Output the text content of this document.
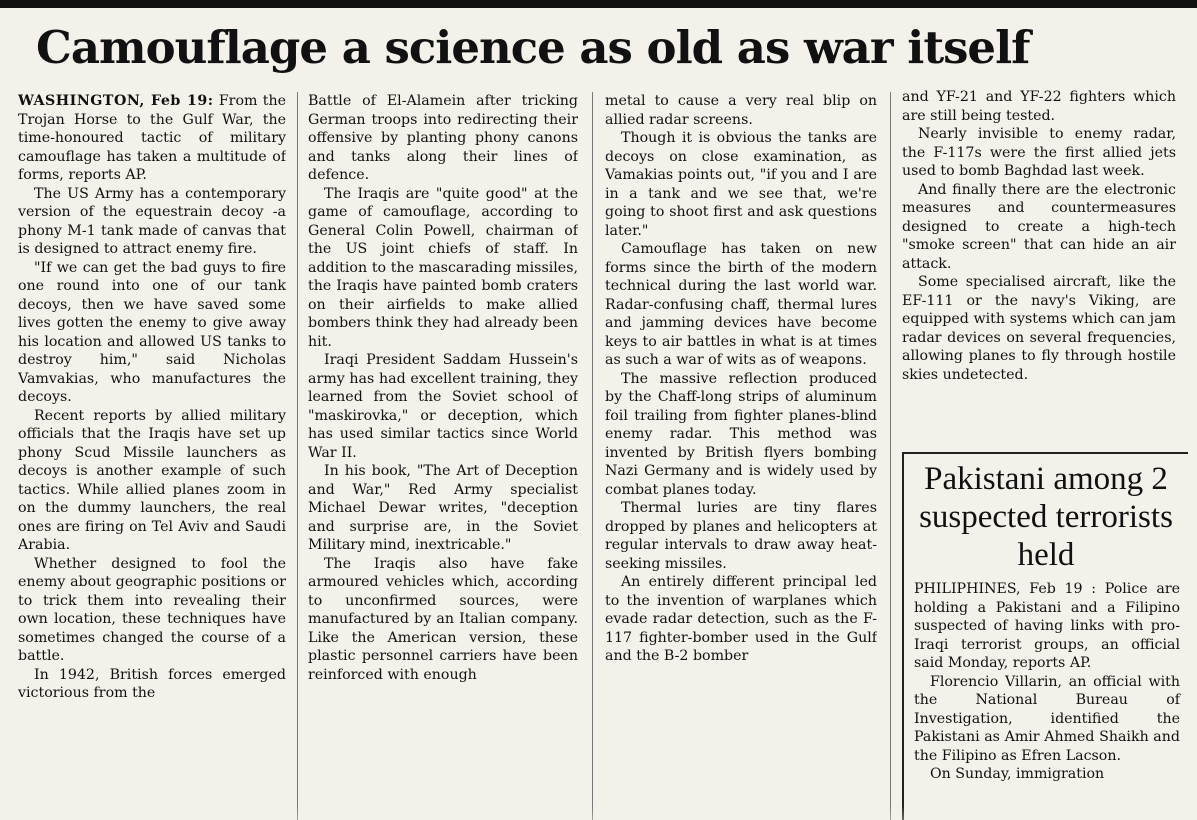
Camouflage a science as old as war itself

WASHINGTON, Feb 19: From the Trojan Horse to the Gulf War, the time-honoured tactic of military camouflage has taken a multitude of forms, reports AP.

The US Army has a contemporary version of the equestrain decoy -a phony M-1 tank made of canvas that is designed to attract enemy fire.

"If we can get the bad guys to fire one round into one of our tank decoys, then we have saved some lives gotten the enemy to give away his location and allowed US tanks to destroy him," said Nicholas Vamvakias, who manufactures the decoys.

Recent reports by allied military officials that the Iraqis have set up phony Scud Missile launchers as decoys is another example of such tactics. While allied planes zoom in on the dummy launchers, the real ones are firing on Tel Aviv and Saudi Arabia.

Whether designed to fool the enemy about geographic positions or to trick them into revealing their own location, these techniques have sometimes changed the course of a battle.

In 1942, British forces emerged victorious from the

Battle of El-Alamein after tricking German troops into redirecting their offensive by planting phony canons and tanks along their lines of defence.

The Iraqis are "quite good" at the game of camouflage, according to General Colin Powell, chairman of the US joint chiefs of staff. In addition to the mascarading missiles, the Iraqis have painted bomb craters on their airfields to make allied bombers think they had already been hit.

Iraqi President Saddam Hussein's army has had excellent training, they learned from the Soviet school of "maskirovka," or deception, which has used similar tactics since World War II.

In his book, "The Art of Deception and War," Red Army specialist Michael Dewar writes, "deception and surprise are, in the Soviet Military mind, inextricable."

The Iraqis also have fake armoured vehicles which, according to unconfirmed sources, were manufactured by an Italian company. Like the American version, these plastic personnel carriers have been reinforced with enough

metal to cause a very real blip on allied radar screens.

Though it is obvious the tanks are decoys on close examination, as Vamakias points out, "if you and I are in a tank and we see that, we're going to shoot first and ask questions later."

Camouflage has taken on new forms since the birth of the modern technical during the last world war. Radar-confusing chaff, thermal lures and jamming devices have become keys to air battles in what is at times as such a war of wits as of weapons.

The massive reflection produced by the Chaff-long strips of aluminum foil trailing from fighter planes-blind enemy radar. This method was invented by British flyers bombing Nazi Germany and is widely used by combat planes today.

Thermal luries are tiny flares dropped by planes and helicopters at regular intervals to draw away heat-seeking missiles.

An entirely different principal led to the invention of warplanes which evade radar detection, such as the F-117 fighter-bomber used in the Gulf and the B-2 bomber

and YF-21 and YF-22 fighters which are still being tested.

Nearly invisible to enemy radar, the F-117s were the first allied jets used to bomb Baghdad last week.

And finally there are the electronic measures and countermeasures designed to create a high-tech "smoke screen" that can hide an air attack.

Some specialised aircraft, like the EF-111 or the navy's Viking, are equipped with systems which can jam radar devices on several frequencies, allowing planes to fly through hostile skies undetected.

Pakistani among 2 suspected terrorists held

PHILIPHINES, Feb 19 : Police are holding a Pakistani and a Filipino suspected of having links with pro-Iraqi terrorist groups, an official said Monday, reports AP.

Florencio Villarin, an official with the National Bureau of Investigation, identified the Pakistani as Amir Ahmed Shaikh and the Filipino as Efren Lacson.

On Sunday, immigration
